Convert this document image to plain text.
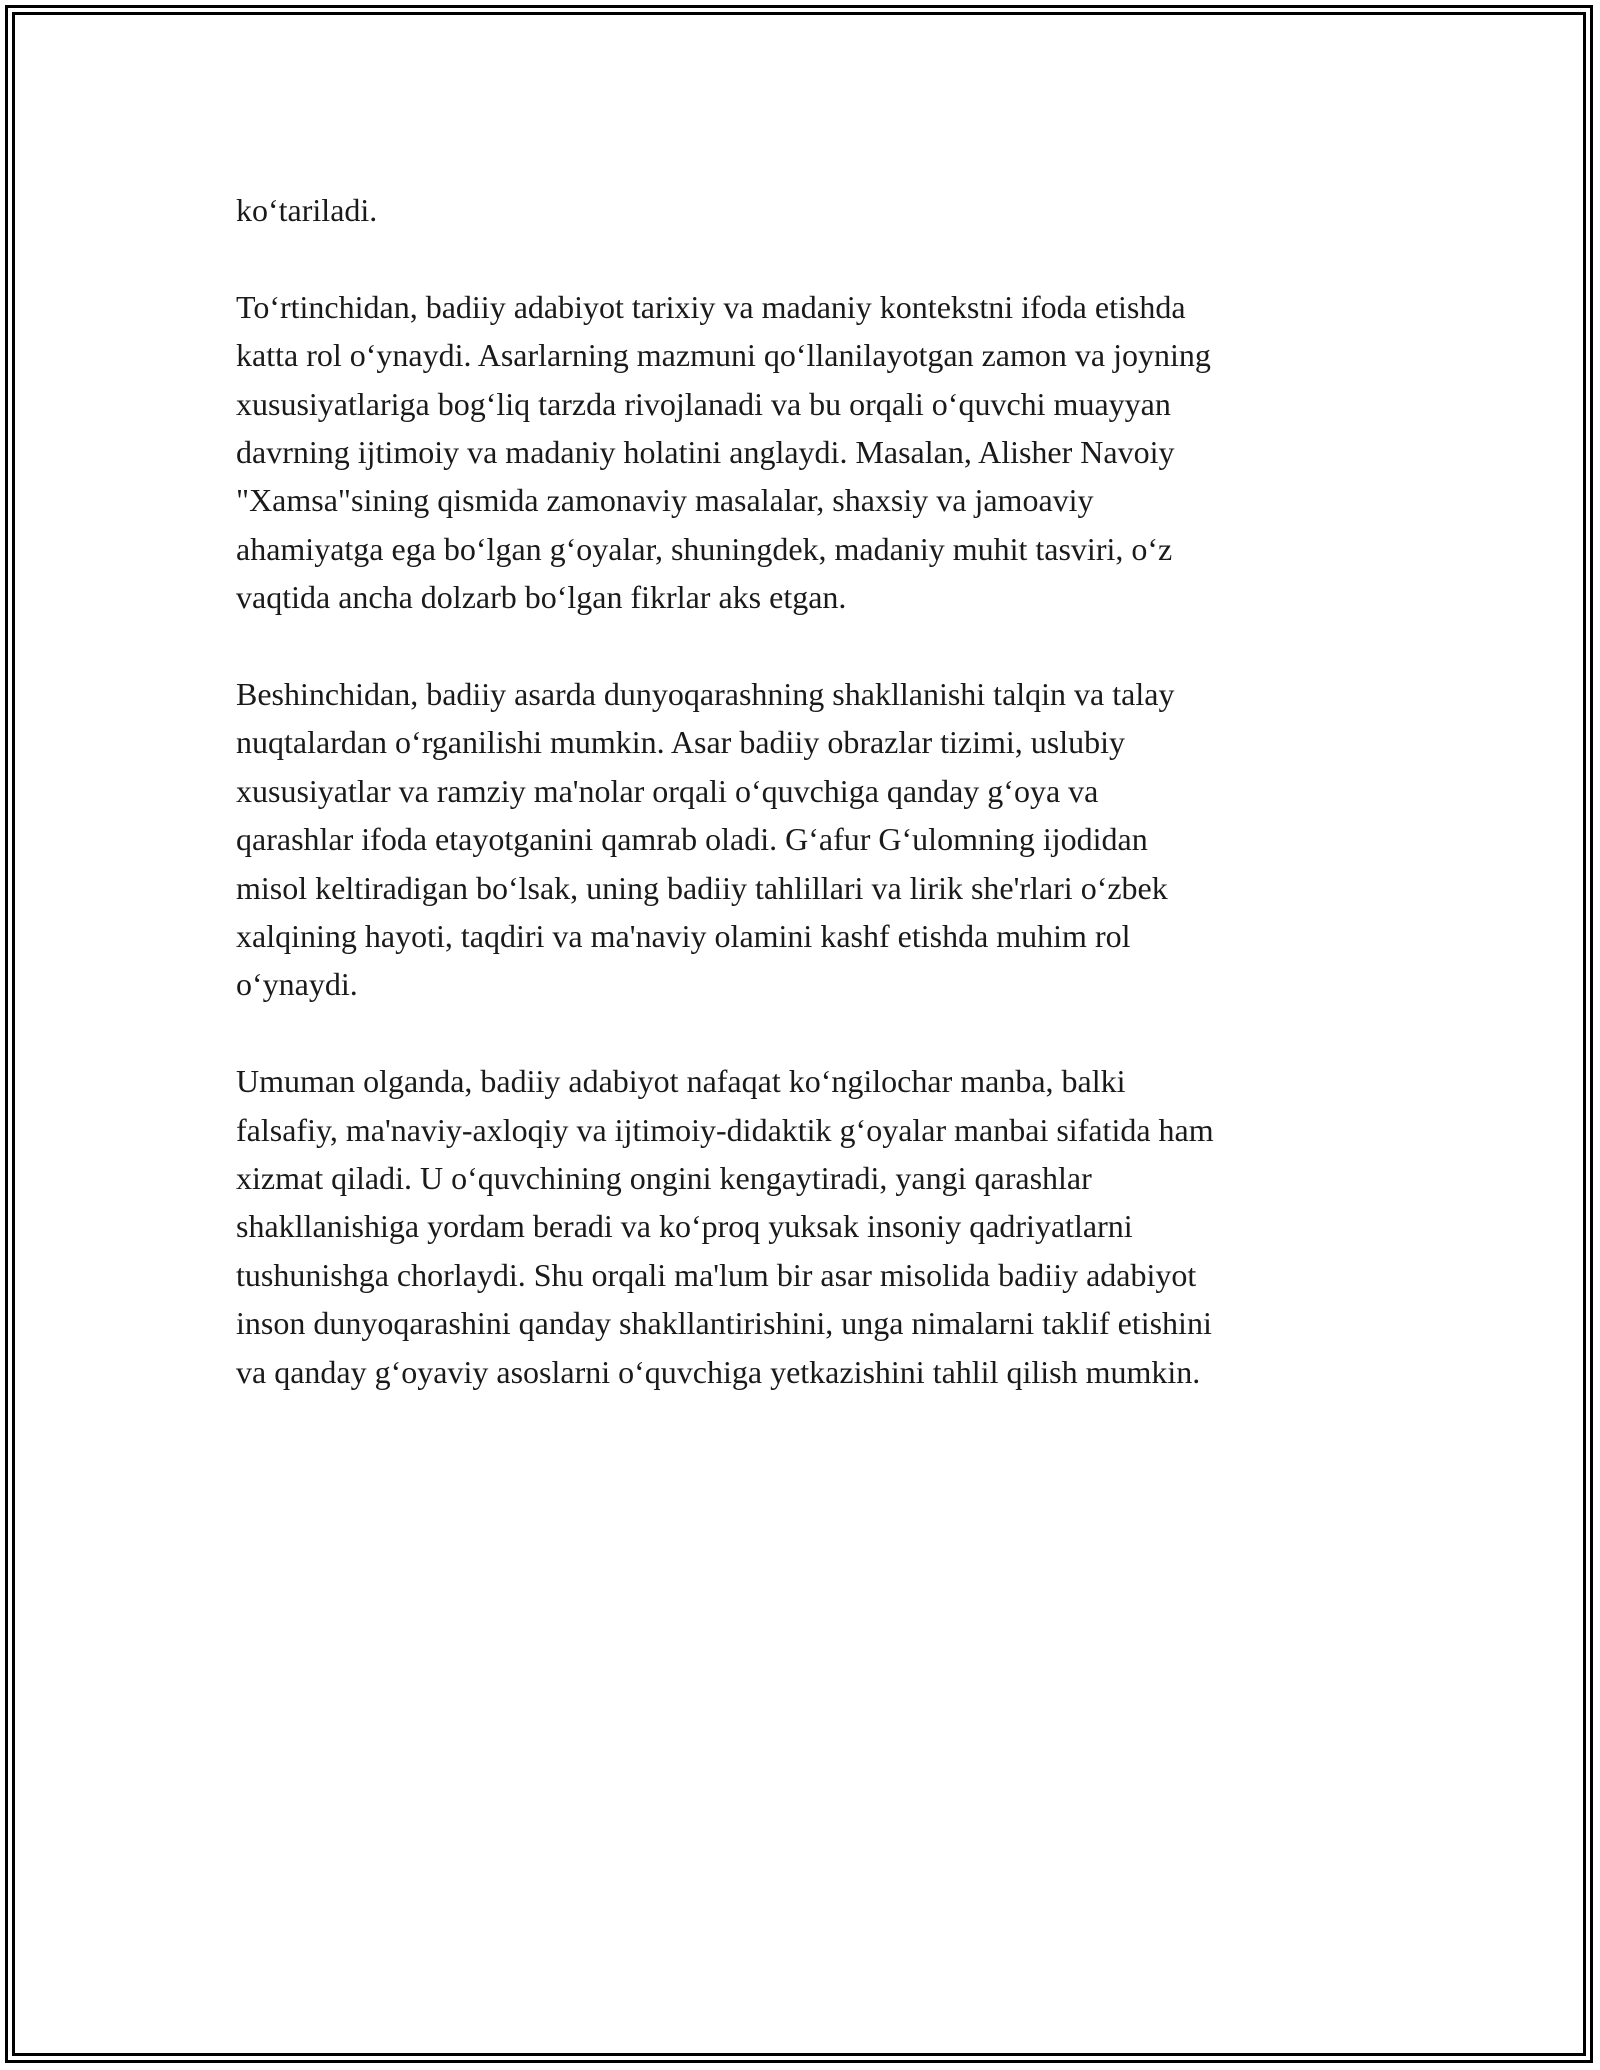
ko‘tariladi.

To‘rtinchidan, badiiy adabiyot tarixiy va madaniy kontekstni ifoda etishda
katta rol o‘ynaydi. Asarlarning mazmuni qo‘llanilayotgan zamon va joyning
xususiyatlariga bog‘liq tarzda rivojlanadi va bu orqali o‘quvchi muayyan
davrning ijtimoiy va madaniy holatini anglaydi. Masalan, Alisher Navoiy
"Xamsa"sining qismida zamonaviy masalalar, shaxsiy va jamoaviy
ahamiyatga ega bo‘lgan g‘oyalar, shuningdek, madaniy muhit tasviri, o‘z
vaqtida ancha dolzarb bo‘lgan fikrlar aks etgan.

Beshinchidan, badiiy asarda dunyoqarashning shakllanishi talqin va talay
nuqtalardan o‘rganilishi mumkin. Asar badiiy obrazlar tizimi, uslubiy
xususiyatlar va ramziy ma'nolar orqali o‘quvchiga qanday g‘oya va
qarashlar ifoda etayotganini qamrab oladi. G‘afur G‘ulomning ijodidan
misol keltiradigan bo‘lsak, uning badiiy tahlillari va lirik she'rlari o‘zbek
xalqining hayoti, taqdiri va ma'naviy olamini kashf etishda muhim rol
o‘ynaydi.

Umuman olganda, badiiy adabiyot nafaqat ko‘ngilochar manba, balki
falsafiy, ma'naviy-axloqiy va ijtimoiy-didaktik g‘oyalar manbai sifatida ham
xizmat qiladi. U o‘quvchining ongini kengaytiradi, yangi qarashlar
shakllanishiga yordam beradi va ko‘proq yuksak insoniy qadriyatlarni
tushunishga chorlaydi. Shu orqali ma'lum bir asar misolida badiiy adabiyot
inson dunyoqarashini qanday shakllantirishini, unga nimalarni taklif etishini
va qanday g‘oyaviy asoslarni o‘quvchiga yetkazishini tahlil qilish mumkin.
